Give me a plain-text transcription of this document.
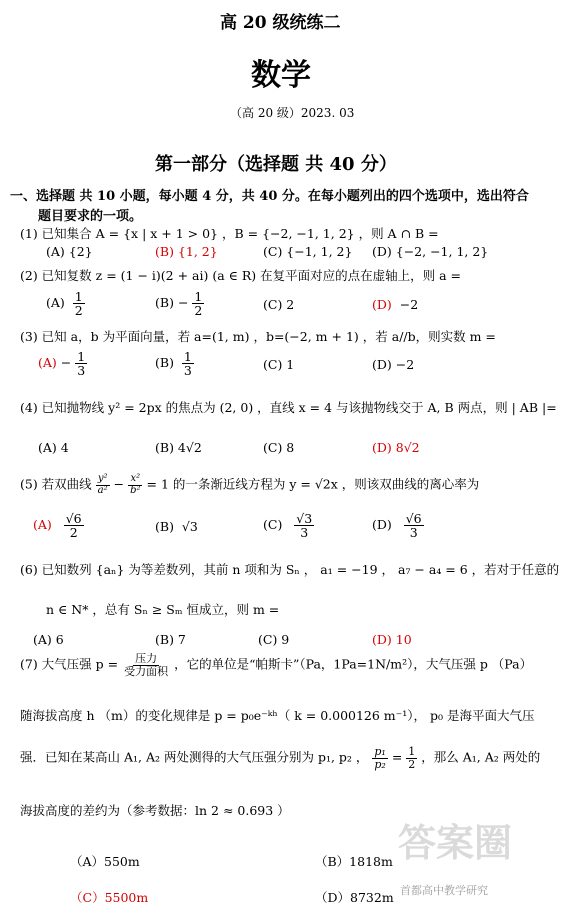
高 20 级统练二
数学
（高 20 级）2023. 03
第一部分（选择题 共 40 分）
一、选择题 共 10 小题，每小题 4 分，共 40 分。在每小题列出的四个选项中，选出符合
题目要求的一项。
(1) 已知集合 A = {x | x + 1 > 0} ，B = {−2, −1, 1, 2} ，则 A ∩ B =
(A) {2}	(B) {1, 2}	(C) {−1, 1, 2} (D) {−2, −1, 1, 2}
(2) 已知复数 z = (1 − i)(2 + ai) (a ∈ R) 在复平面对应的点在虚轴上，则 a =
$(A) \frac{1}{2}$	$(B) - \frac{1}{2}$	(C) 2	(D) −2
(3) 已知 a，b 为平面向量，若 a=(1, m) ，b=(−2, m + 1) ，若 a//b，则实数 m =
$(A) - \frac{1}{3}$	$(B) \frac{1}{3}$	(C) 1	(D) −2
(4) 已知抛物线 y² = 2px 的焦点为 (2, 0) ，直线 x = 4 与该抛物线交于 A, B 两点，则 | AB |=
(A) 4	(B) 4√2	(C) 8	(D) 8√2
(5) 若双曲线 $\frac{\text{y²}}{\text{a²}} - \frac{\text{x²}}{\text{b²}} = 1$ 的一条渐近线方程为 y = √2x ，则该双曲线的离心率为
$(A) \frac{√6}{2}$	(B) √3	$(C) \frac{√3}{3}$	$(D) \frac{√6}{3}$
(6) 已知数列 {aₙ} 为等差数列，其前 n 项和为 Sₙ ， a₁ = −19 ， a₇ − a₄ = 6 ，若对于任意的
n ∈ N* ，总有 Sₙ ≥ Sₘ 恒成立，则 m =
(A) 6	(B) 7	(C) 9	(D) 10
(7) 大气压强 $p = \frac{\text{压力}}{\text{受力面积}}$ ，它的单位是“帕斯卡”（Pa，1Pa=1N/m²），大气压强 p （Pa）
随海拔高度 h （m）的变化规律是 p = p₀e⁻ᵏʰ（ k = 0.000126 m⁻¹）， p₀ 是海平面大气压
强．已知在某高山 A₁, A₂ 两处测得的大气压强分别为 p₁, p₂ ， $\frac{\text{p₁}}{\text{p₂}} = \frac{1}{2}$ ，那么 A₁, A₂ 两处的
海拔高度的差约为（参考数据：ln 2 ≈ 0.693 ）
（A）550m	（B）1818m
（C）5500m	（D）8732m
答案圈
首都高中教学研究
